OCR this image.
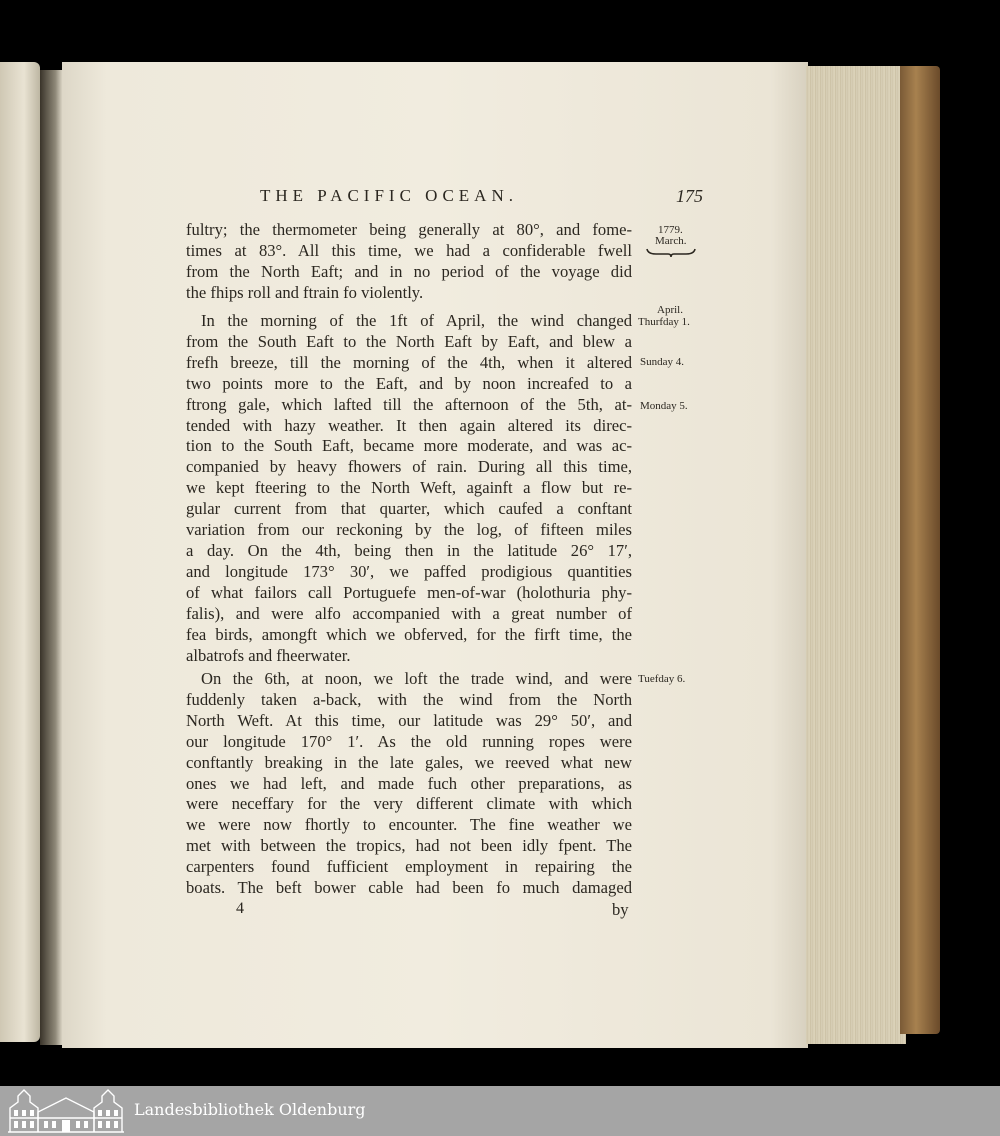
THE PACIFIC OCEAN.	175
1779.
March.
April.
Thurfday 1.
Sunday 4.
Monday 5.
Tuefday 6.

fultry; the thermometer being generally at 80°, and fome-
times at 83°. All this time, we had a confiderable fwell
from the North Eaft; and in no period of the voyage did
the fhips roll and ftrain fo violently.

In the morning of the 1ft of April, the wind changed
from the South Eaft to the North Eaft by Eaft, and blew a
frefh breeze, till the morning of the 4th, when it altered
two points more to the Eaft, and by noon increafed to a
ftrong gale, which lafted till the afternoon of the 5th, at-
tended with hazy weather. It then again altered its direc-
tion to the South Eaft, became more moderate, and was ac-
companied by heavy fhowers of rain. During all this time,
we kept fteering to the North Weft, againft a flow but re-
gular current from that quarter, which caufed a conftant
variation from our reckoning by the log, of fifteen miles
a day. On the 4th, being then in the latitude 26° 17′,
and longitude 173° 30′, we paffed prodigious quantities
of what failors call Portuguefe men-of-war (holothuria phy-
falis), and were alfo accompanied with a great number of
fea birds, amongft which we obferved, for the firft time, the
albatrofs and fheerwater.

On the 6th, at noon, we loft the trade wind, and were
fuddenly taken a-back, with the wind from the North
North Weft. At this time, our latitude was 29° 50′, and
our longitude 170° 1′. As the old running ropes were
conftantly breaking in the late gales, we reeved what new
ones we had left, and made fuch other preparations, as
were neceffary for the very different climate with which
we were now fhortly to encounter. The fine weather we
met with between the tropics, had not been idly fpent. The
carpenters found fufficient employment in repairing the
boats. The beft bower cable had been fo much damaged

4	by
Landesbibliothek Oldenburg
